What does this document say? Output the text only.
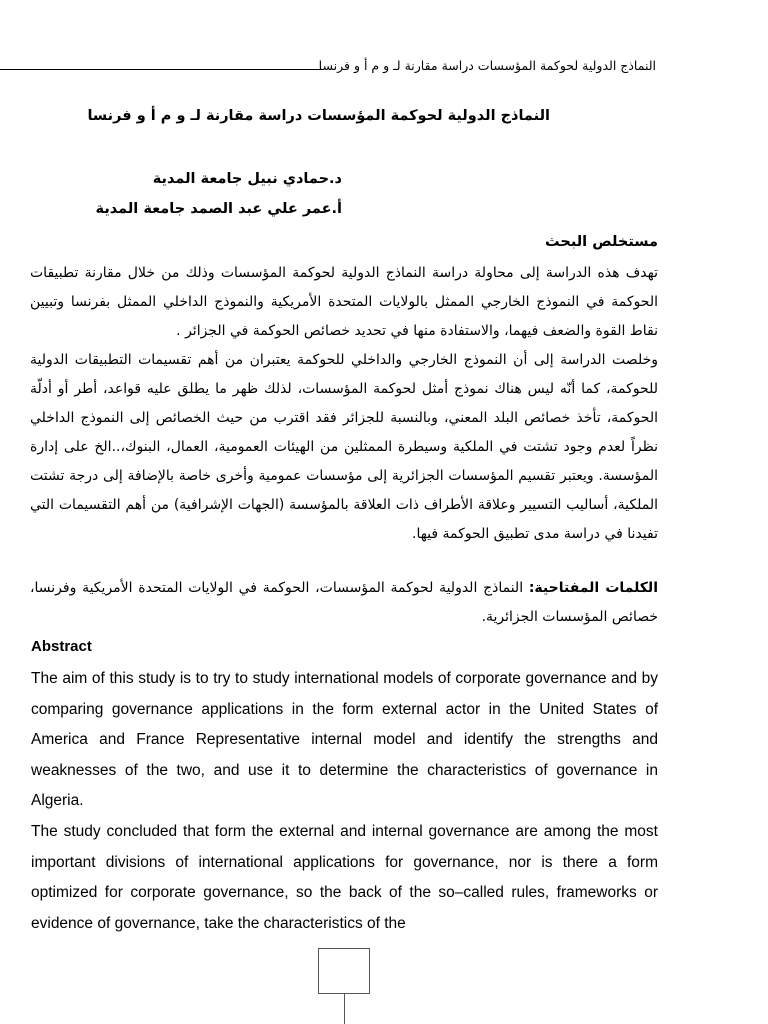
النماذج الدولية لحوكمة المؤسسات دراسة مقارنة لـ و م أ و فرنسا
النماذج الدولية لحوكمة المؤسسات دراسة مقارنة لـ و م أ و فرنسا
د.حمادي نبيل جامعة المدية
أ.عمر علي عبد الصمد جامعة المدية
مستخلص البحث
تهدف هذه الدراسة إلى محاولة دراسة النماذج الدولية لحوكمة المؤسسات وذلك من خلال مقارنة تطبيقات الحوكمة في النموذج الخارجي الممثل بالولايات المتحدة الأمريكية والنموذج الداخلي الممثل بفرنسا وتبيين نقاط القوة والضعف فيهما، والاستفادة منها في تحديد خصائص الحوكمة في الجزائر .
وخلصت الدراسة إلى أن النموذج الخارجي والداخلي للحوكمة يعتبران من أهم تقسيمات التطبيقات الدولية للحوكمة، كما أنّه ليس هناك نموذج أمثل لحوكمة المؤسسات، لذلك ظهر ما يطلق عليه قواعد، أطر أو أدلّة الحوكمة، تأخذ خصائص البلد المعني، وبالنسبة للجزائر فقد اقترب من حيث الخصائص إلى النموذج الداخلي نظراً لعدم وجود تشتت في الملكية وسيطرة الممثلين من الهيئات العمومية، العمال، البنوك،..الخ على إدارة المؤسسة. ويعتبر تقسيم المؤسسات الجزائرية إلى مؤسسات عمومية وأخرى خاصة بالإضافة إلى درجة تشتت الملكية، أساليب التسيير وعلاقة الأطراف ذات العلاقة بالمؤسسة (الجهات الإشرافية) من أهم التقسيمات التي تفيدنا في دراسة مدى تطبيق الحوكمة فيها.
الكلمات المفتاحية: النماذج الدولية لحوكمة المؤسسات، الحوكمة في الولايات المتحدة الأمريكية وفرنسا، خصائص المؤسسات الجزائرية.
Abstract

The aim of this study is to try to study international models of corporate governance and by comparing governance applications in the form external actor in the United States of America and France Representative internal model and identify the strengths and weaknesses of the two, and use it to determine the characteristics of governance in Algeria.

The study concluded that form the external and internal governance are among the most important divisions of international applications for governance, nor is there a form optimized for corporate governance, so the back of the so–called rules, frameworks or evidence of governance, take the characteristics of the
